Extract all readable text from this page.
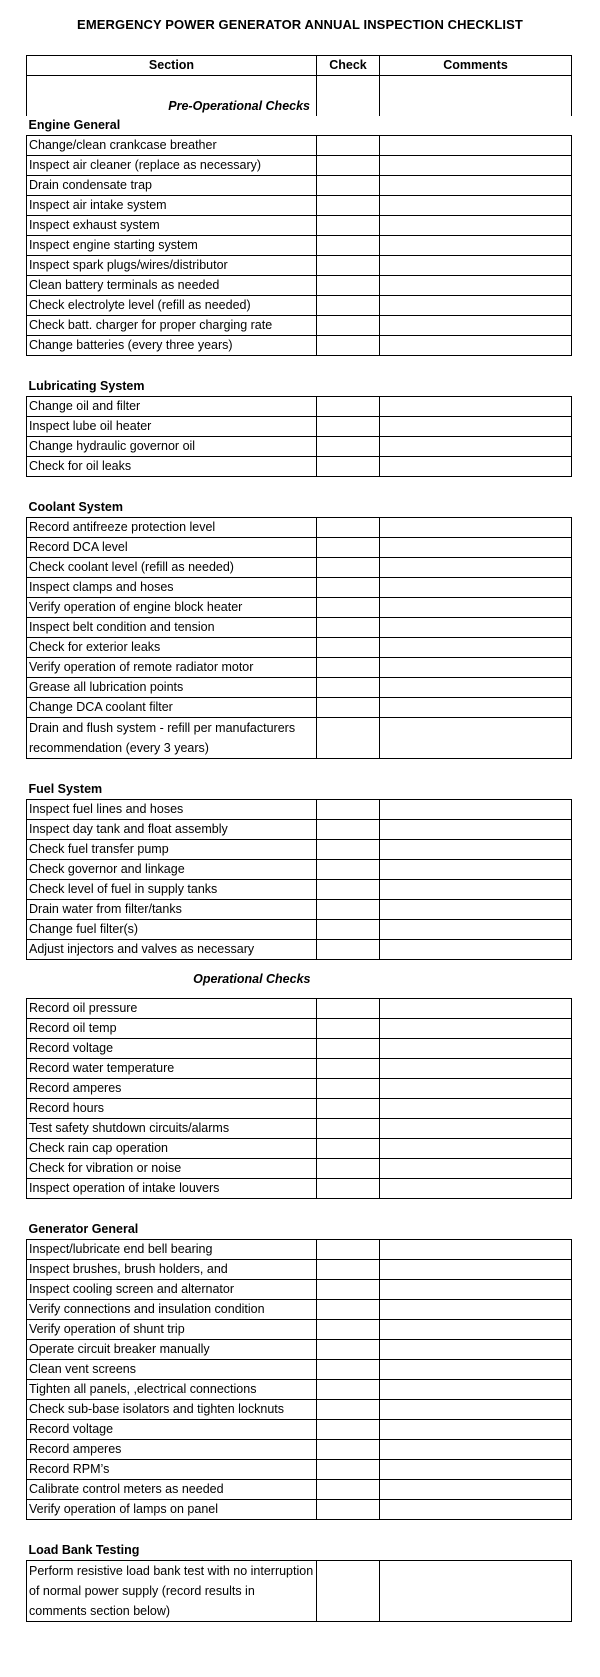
EMERGENCY POWER GENERATOR ANNUAL INSPECTION CHECKLIST
Section	Check	Comments
Pre-Operational Checks		
Engine General		
Change/clean crankcase breather		
Inspect air cleaner (replace as necessary)		
Drain condensate trap		
Inspect air intake system		
Inspect exhaust system		
Inspect engine starting system		
Inspect spark plugs/wires/distributor		
Clean battery terminals as needed		
Check electrolyte level (refill as needed)		
Check batt. charger for proper charging rate		
Change batteries (every three years)		

Lubricating System		
Change oil and filter		
Inspect lube oil heater		
Change hydraulic governor oil		
Check for oil leaks		

Coolant System		
Record antifreeze protection level		
Record DCA level		
Check coolant level (refill as needed)		
Inspect clamps and hoses		
Verify operation of engine block heater		
Inspect belt condition and tension		
Check for exterior leaks		
Verify operation of remote radiator motor		
Grease all lubrication points		
Change DCA coolant filter		
Drain and flush system - refill per manufacturers recommendation (every 3 years)		

Fuel System		
Inspect fuel lines and hoses		
Inspect day tank and float assembly		
Check fuel transfer pump		
Check governor and linkage		
Check level of fuel in supply tanks		
Drain water from filter/tanks		
Change fuel filter(s)		
Adjust injectors and valves as necessary		
Operational Checks		
Record oil pressure		
Record oil temp		
Record voltage		
Record water temperature		
Record amperes		
Record hours		
Test safety shutdown circuits/alarms		
Check rain cap operation		
Check for vibration or noise		
Inspect operation of intake louvers		

Generator General		
Inspect/lubricate end bell bearing		
Inspect brushes, brush holders, and		
Inspect cooling screen and alternator		
Verify connections and insulation condition		
Verify operation of shunt trip		
Operate circuit breaker manually		
Clean vent screens		
Tighten all panels, ,electrical connections		
Check sub-base isolators and tighten locknuts		
Record voltage		
Record amperes		
Record RPM’s		
Calibrate control meters as needed		
Verify operation of lamps on panel		

Load Bank Testing		
Perform resistive load bank test with no interruption of normal power supply (record results in comments section below)		
